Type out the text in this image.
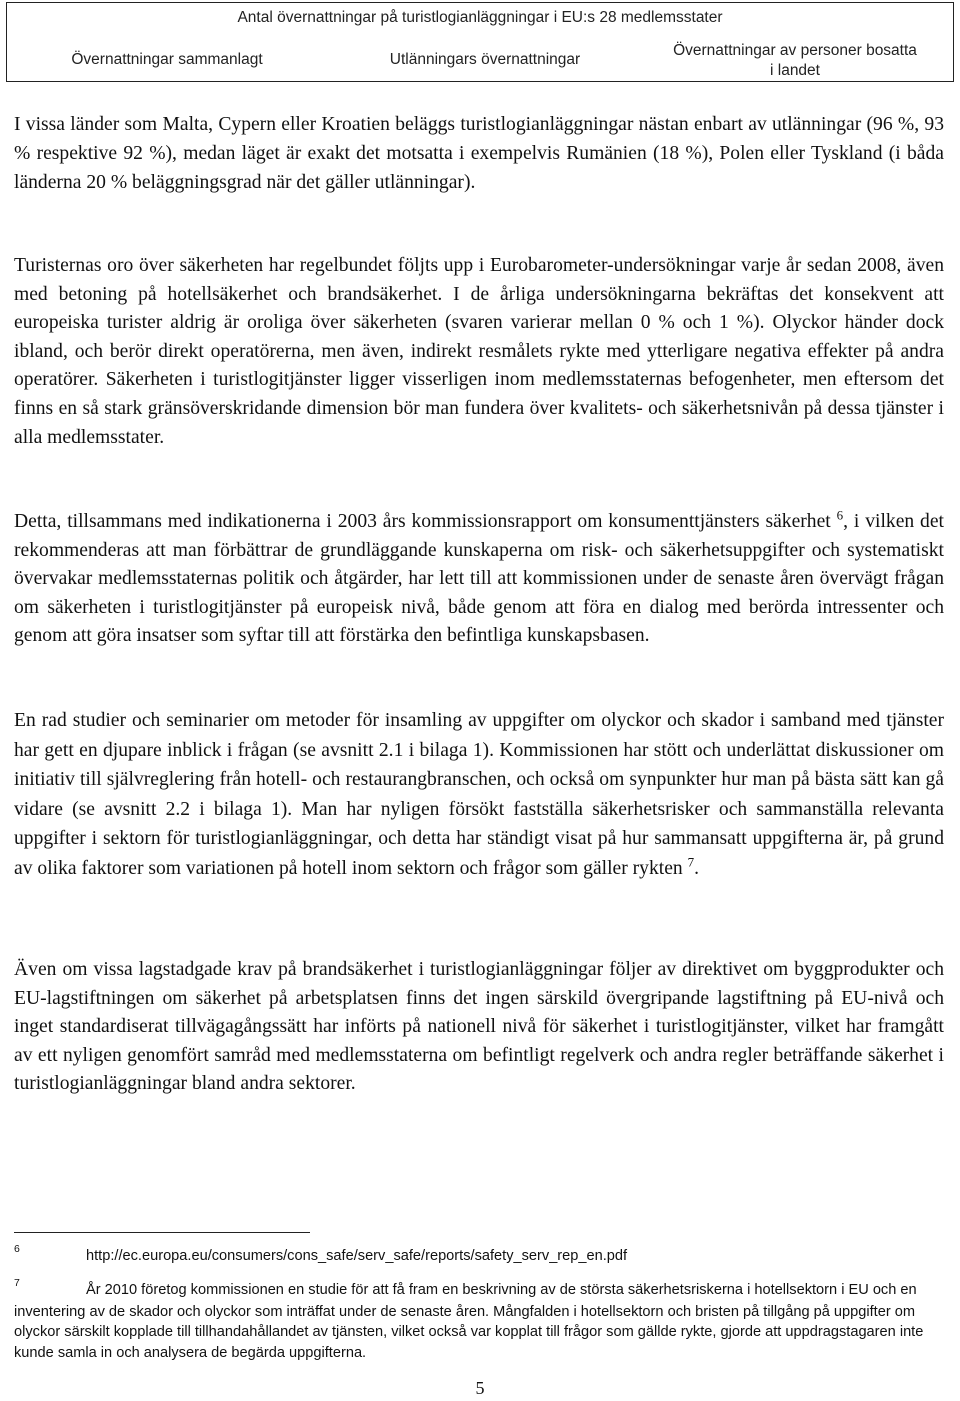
Antal övernattningar på turistlogianläggningar i EU:s 28 medlemsstater
Övernattningar sammanlagt	Utlänningars övernattningar
Övernattningar av personer bosatta
i landet

I vissa länder som Malta, Cypern eller Kroatien beläggs turistlogianläggningar nästan enbart av utlänningar (96 %, 93 % respektive 92 %), medan läget är exakt det motsatta i exempelvis Rumänien (18 %), Polen eller Tyskland (i båda länderna 20 % beläggningsgrad när det gäller utlänningar).

Turisternas oro över säkerheten har regelbundet följts upp i Eurobarometer-undersökningar varje år sedan 2008, även med betoning på hotellsäkerhet och brandsäkerhet. I de årliga undersökningarna bekräftas det konsekvent att europeiska turister aldrig är oroliga över säkerheten (svaren varierar mellan 0 % och 1 %). Olyckor händer dock ibland, och berör direkt operatörerna, men även, indirekt resmålets rykte med ytterligare negativa effekter på andra operatörer. Säkerheten i turistlogitjänster ligger visserligen inom medlemsstaternas befogenheter, men eftersom det finns en så stark gränsöverskridande dimension bör man fundera över kvalitets- och säkerhetsnivån på dessa tjänster i alla medlemsstater.

Detta, tillsammans med indikationerna i 2003 års kommissionsrapport om konsumenttjänsters säkerhet $^6$, i vilken det rekommenderas att man förbättrar de grundläggande kunskaperna om risk- och säkerhetsuppgifter och systematiskt övervakar medlemsstaternas politik och åtgärder, har lett till att kommissionen under de senaste åren övervägt frågan om säkerheten i turistlogitjänster på europeisk nivå, både genom att föra en dialog med berörda intressenter och genom att göra insatser som syftar till att förstärka den befintliga kunskapsbasen.

En rad studier och seminarier om metoder för insamling av uppgifter om olyckor och skador i samband med tjänster har gett en djupare inblick i frågan (se avsnitt 2.1 i bilaga 1). Kommissionen har stött och underlättat diskussioner om initiativ till självreglering från hotell- och restaurangbranschen, och också om synpunkter hur man på bästa sätt kan gå vidare (se avsnitt 2.2 i bilaga 1). Man har nyligen försökt fastställa säkerhetsrisker och sammanställa relevanta uppgifter i sektorn för turistlogianläggningar, och detta har ständigt visat på hur sammansatt uppgifterna är, på grund av olika faktorer som variationen på hotell inom sektorn och frågor som gäller rykten $^7$.

Även om vissa lagstadgade krav på brandsäkerhet i turistlogianläggningar följer av direktivet om byggprodukter och EU-lagstiftningen om säkerhet på arbetsplatsen finns det ingen särskild övergripande lagstiftning på EU-nivå och inget standardiserat tillvägagångssätt har införts på nationell nivå för säkerhet i turistlogitjänster, vilket har framgått av ett nyligen genomfört samråd med medlemsstaterna om befintligt regelverk och andra regler beträffande säkerhet i turistlogianläggningar bland andra sektorer.

6	http://ec.europa.eu/consumers/cons_safe/serv_safe/reports/safety_serv_rep_en.pdf
7	År 2010 företog kommissionen en studie för att få fram en beskrivning av de största säkerhetsriskerna i hotellsektorn i EU och en inventering av de skador och olyckor som inträffat under de senaste åren. Mångfalden i hotellsektorn och bristen på tillgång på uppgifter om olyckor särskilt kopplade till tillhandahållandet av tjänsten, vilket också var kopplat till frågor som gällde rykte, gjorde att uppdragstagaren inte kunde samla in och analysera de begärda uppgifterna.
5
